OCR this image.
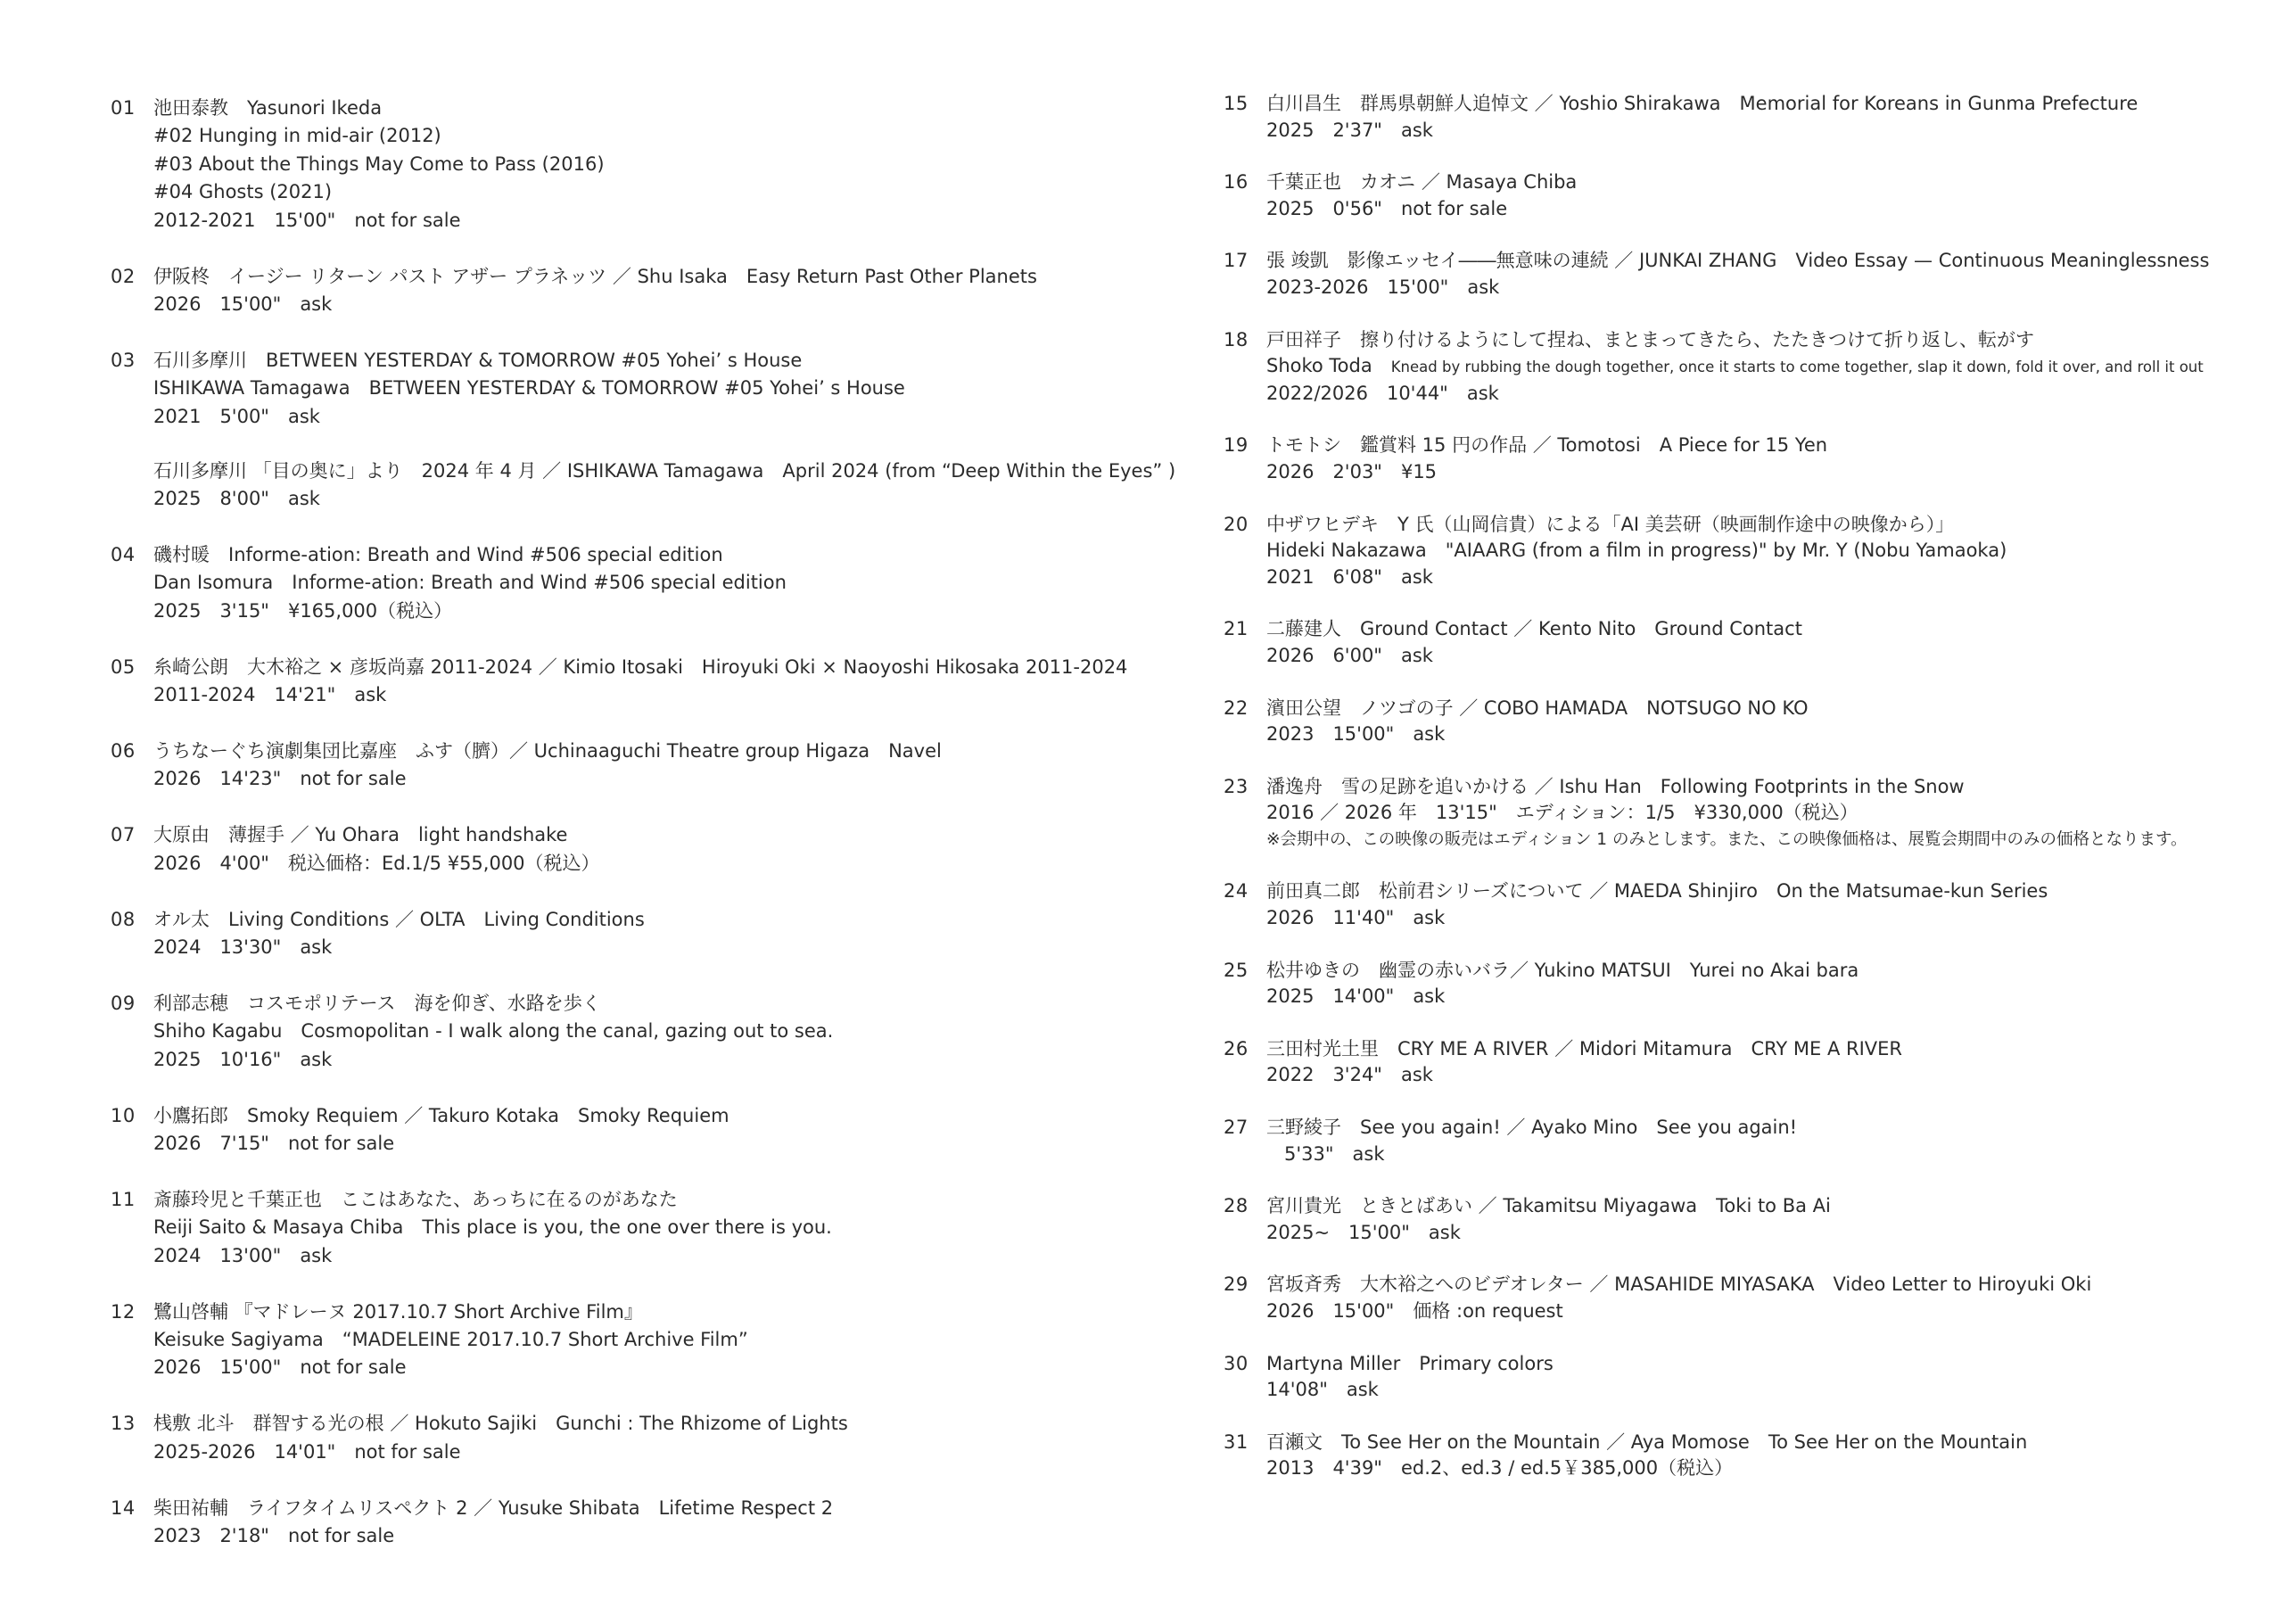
01 池田泰教　Yasunori Ikeda
#02 Hunging in mid-air (2012)
#03 About the Things May Come to Pass (2016)
#04 Ghosts (2021)
2012-2021　15'00"　not for sale
02 伊阪柊　イージー リターン パスト アザー プラネッツ ／ Shu Isaka　Easy Return Past Other Planets
2026　15'00"　ask
03 石川多摩川　BETWEEN YESTERDAY & TOMORROW #05 Yohei’ s House
ISHIKAWA Tamagawa　BETWEEN YESTERDAY & TOMORROW #05 Yohei’ s House
2021　5'00"　ask
石川多摩川 「目の奥に」より　2024 年 4 月 ／ ISHIKAWA Tamagawa　April 2024 (from “Deep Within the Eyes” )
2025　8'00"　ask
04 磯村暖　Informe-ation: Breath and Wind #506 special edition
Dan Isomura　Informe-ation: Breath and Wind #506 special edition
2025　3'15"　¥165,000（税込）
05 糸崎公朗　大木裕之 × 彦坂尚嘉 2011-2024 ／ Kimio Itosaki　Hiroyuki Oki × Naoyoshi Hikosaka 2011-2024
2011-2024　14'21"　ask
06 うちなーぐち演劇集団比嘉座　ふす（臍）／ Uchinaaguchi Theatre group Higaza　Navel
2026　14'23"　not for sale
07 大原由　薄握手 ／ Yu Ohara　light handshake
2026　4'00"　税込価格：Ed.1/5 ¥55,000（税込）
08 オル太　Living Conditions ／ OLTA　Living Conditions
2024　13'30"　ask
09 利部志穂　コスモポリテース　海を仰ぎ、水路を歩く
Shiho Kagabu　Cosmopolitan - I walk along the canal, gazing out to sea.
2025　10'16"　ask
10 小鷹拓郎　Smoky Requiem ／ Takuro Kotaka　Smoky Requiem
2026　7'15"　not for sale
11 斎藤玲児と千葉正也　ここはあなた、あっちに在るのがあなた
Reiji Saito & Masaya Chiba　This place is you, the one over there is you.
2024　13'00"　ask
12 鷺山啓輔 『マドレーヌ 2017.10.7 Short Archive Film』
Keisuke Sagiyama　“MADELEINE 2017.10.7 Short Archive Film”
2026　15'00"　not for sale
13 桟敷 北斗　群智する光の根 ／ Hokuto Sajiki　Gunchi : The Rhizome of Lights
2025-2026　14'01"　not for sale
14 柴田祐輔　ライフタイムリスペクト 2 ／ Yusuke Shibata　Lifetime Respect 2
2023　2'18"　not for sale
15 白川昌生　群馬県朝鮮人追悼文 ／ Yoshio Shirakawa　Memorial for Koreans in Gunma Prefecture
2025　2'37"　ask
16 千葉正也　カオニ ／ Masaya Chiba
2025　0'56"　not for sale
17 張 竣凱　影像エッセイ――無意味の連続 ／ JUNKAI ZHANG　Video Essay — Continuous Meaninglessness
2023-2026　15'00"　ask
18 戸田祥子　擦り付けるようにして捏ね、まとまってきたら、たたきつけて折り返し、転がす
Shoko Toda　 Knead by rubbing the dough together, once it starts to come together, slap it down, fold it over, and roll it out
2022/2026　10'44"　ask
19 トモトシ　鑑賞料 15 円の作品 ／ Tomotosi　A Piece for 15 Yen
2026　2'03"　¥15
20 中ザワヒデキ　Y 氏（山岡信貴）による「AI 美芸研（映画制作途中の映像から）」
Hideki Nakazawa　"AIAARG (from a film in progress)" by Mr. Y (Nobu Yamaoka)
2021　6'08"　ask
21 二藤建人　Ground Contact ／ Kento Nito　Ground Contact
2026　6'00"　ask
22 濱田公望　ノツゴの子 ／ COBO HAMADA　NOTSUGO NO KO
2023　15'00"　ask
23 潘逸舟　雪の足跡を追いかける ／ Ishu Han　Following Footprints in the Snow
2016 ／ 2026 年　13'15"　エディション：1/5　¥330,000（税込）
※会期中の、この映像の販売はエディション 1 のみとします。また、この映像価格は、展覧会期間中のみの価格となります。
24 前田真二郎　松前君シリーズについて ／ MAEDA Shinjiro　On the Matsumae-kun Series
2026　11'40"　ask
25 松井ゆきの　幽霊の赤いバラ／ Yukino MATSUI　Yurei no Akai bara
2025　14'00"　ask
26 三田村光土里　CRY ME A RIVER ／ Midori Mitamura　CRY ME A RIVER
2022　3'24"　ask
27 三野綾子　See you again! ／ Ayako Mino　See you again!
5'33"　ask
28 宮川貴光　ときとばあい ／ Takamitsu Miyagawa　Toki to Ba Ai
2025~　15'00"　ask
29 宮坂斉秀　大木裕之へのビデオレター ／ MASAHIDE MIYASAKA　Video Letter to Hiroyuki Oki
2026　15'00"　価格 :on request
30 Martyna Miller　Primary colors
14'08"　ask
31 百瀬文　To See Her on the Mountain ／ Aya Momose　To See Her on the Mountain
2013　4'39"　ed.2、ed.3 / ed.5￥385,000（税込）
